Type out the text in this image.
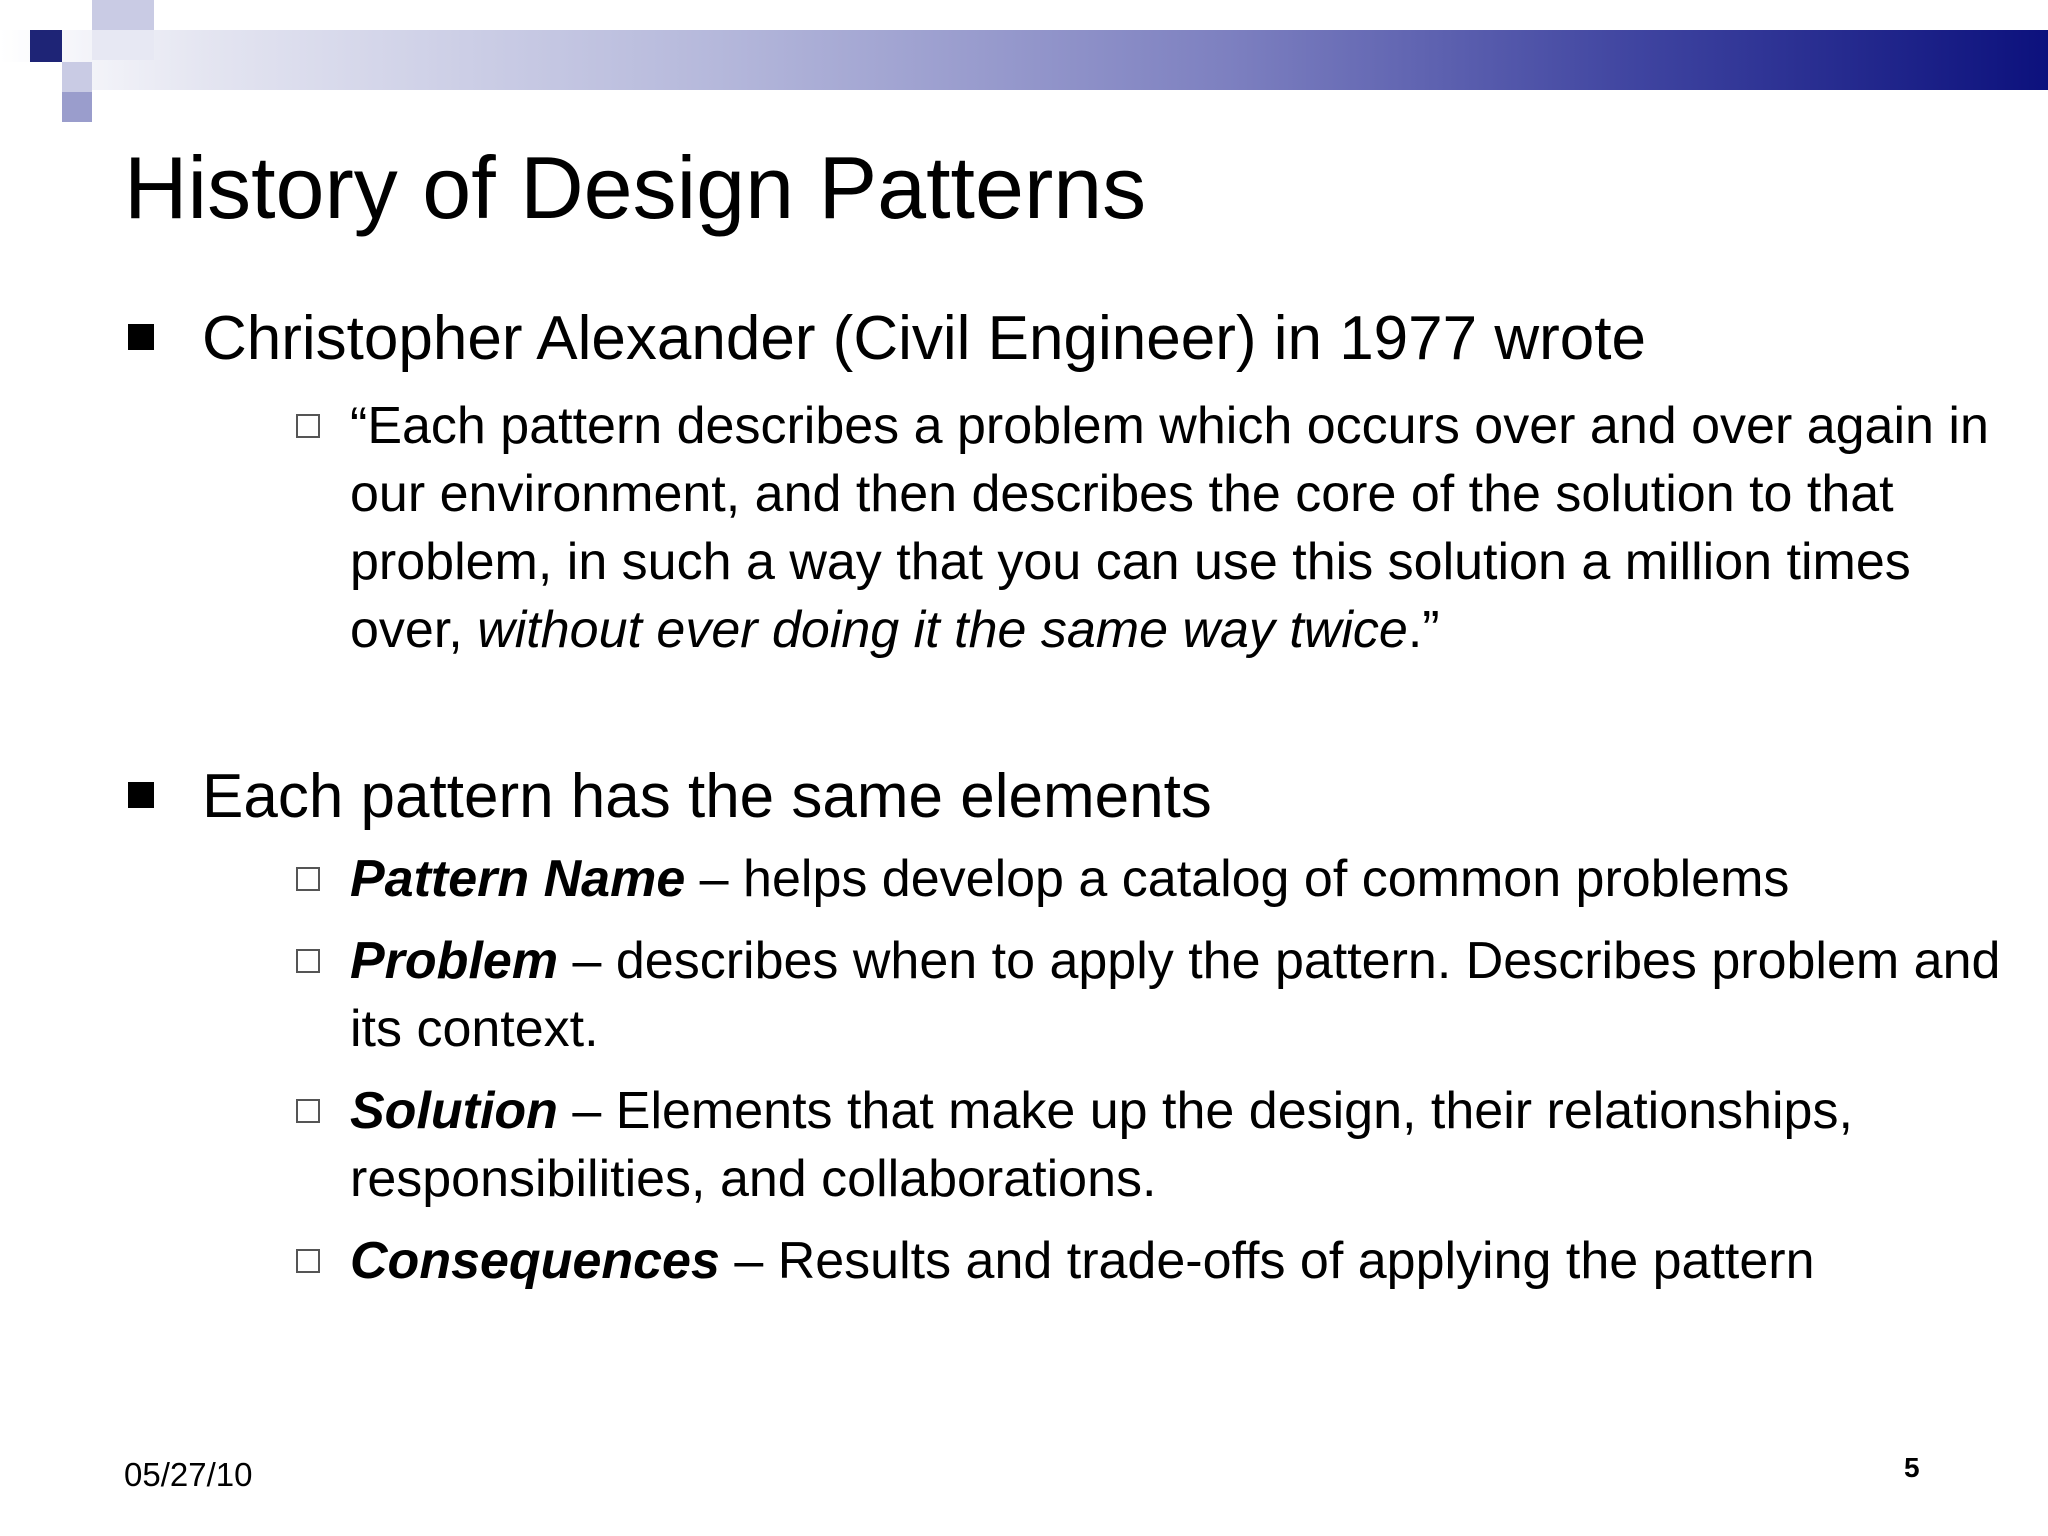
History of Design Patterns
Christopher Alexander (Civil Engineer) in 1977 wrote
“Each pattern describes a problem which occurs over and over again in our environment, and then describes the core of the solution to that problem, in such a way that you can use this solution a million times over, without ever doing it the same way twice.”
Each pattern has the same elements
Pattern Name – helps develop a catalog of common problems
Problem – describes when to apply the pattern. Describes problem and its context.
Solution – Elements that make up the design, their relationships, responsibilities, and collaborations.
Consequences – Results and trade-offs of applying the pattern
05/27/10	5
